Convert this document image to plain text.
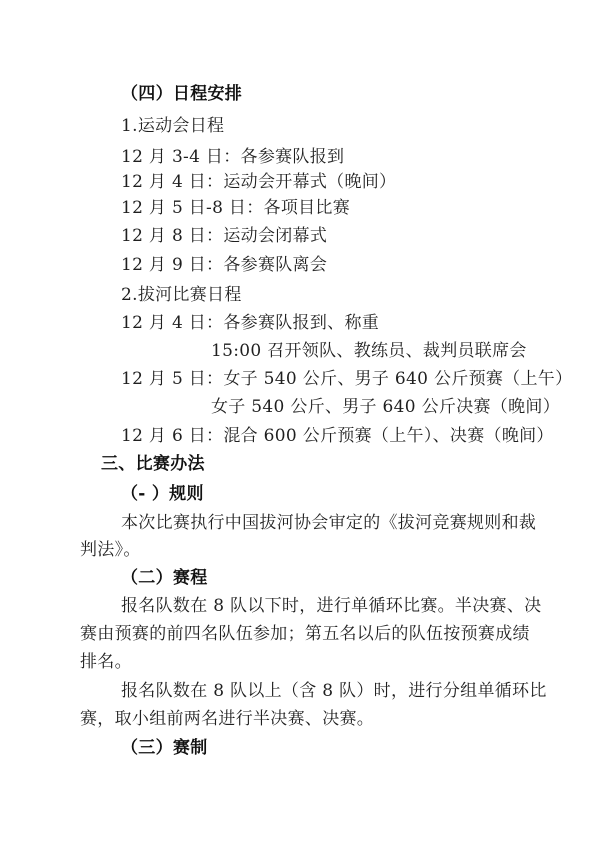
（四）日程安排
1.运动会日程
12 月 3-4 日：各参赛队报到
12 月 4 日：运动会开幕式（晚间）
12 月 5 日-8 日：各项目比赛
12 月 8 日：运动会闭幕式
12 月 9 日：各参赛队离会
2.拔河比赛日程
12 月 4 日：各参赛队报到、称重
15:00 召开领队、教练员、裁判员联席会
12 月 5 日：女子 540 公斤、男子 640 公斤预赛（上午）
女子 540 公斤、男子 640 公斤决赛（晚间）
12 月 6 日：混合 600 公斤预赛（上午）、决赛（晚间）
三、比赛办法
（- ）规则
本次比赛执行中国拔河协会审定的《拔河竞赛规则和裁
判法》。
（二）赛程
报名队数在 8 队以下时，进行单循环比赛。半决赛、决
赛由预赛的前四名队伍参加；第五名以后的队伍按预赛成绩
排名。
报名队数在 8 队以上（含 8 队）时，进行分组单循环比
赛，取小组前两名进行半决赛、决赛。
（三）赛制
